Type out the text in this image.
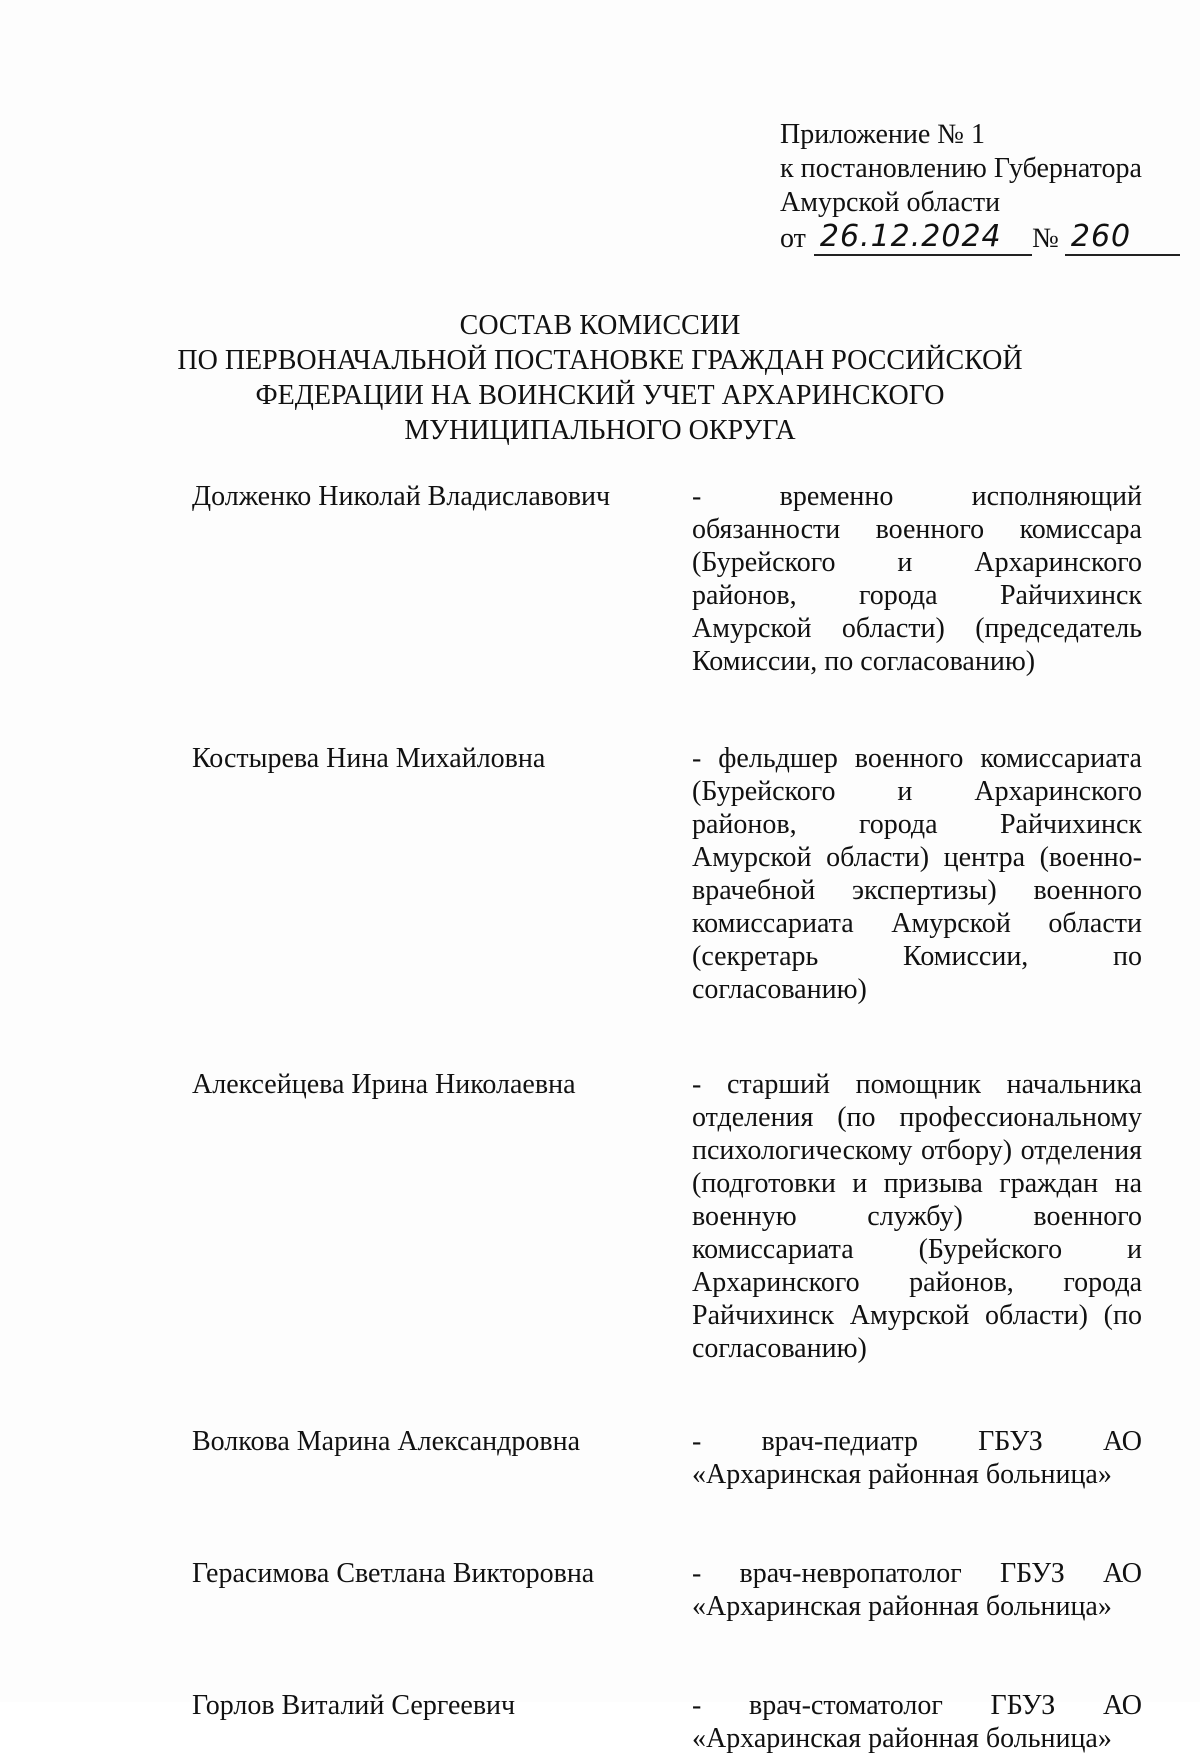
Приложение № 1
к постановлению Губернатора
Амурской области
от 26.12.2024	№ 260
СОСТАВ КОМИССИИ
ПО ПЕРВОНАЧАЛЬНОЙ ПОСТАНОВКЕ ГРАЖДАН РОССИЙСКОЙ
ФЕДЕРАЦИИ НА ВОИНСКИЙ УЧЕТ АРХАРИНСКОГО
МУНИЦИПАЛЬНОГО ОКРУГА
Долженко Николай Владиславович	- временно исполняющий обязанности военного комиссара (Бурейского и Архаринского районов, города Райчихинск Амурской области) (председатель Комиссии, по согласованию)
Костырева Нина Михайловна	- фельдшер военного комиссариата (Бурейского и Архаринского районов, города Райчихинск Амурской области) центра (военно-врачебной экспертизы) военного комиссариата Амурской области (секретарь Комиссии, по согласованию)
Алексейцева Ирина Николаевна	- старший помощник начальника отделения (по профессиональному психологическому отбору) отделения (подготовки и призыва граждан на военную службу) военного комиссариата (Бурейского и Архаринского районов, города Райчихинск Амурской области) (по согласованию)
Волкова Марина Александровна	- врач-педиатр ГБУЗ АО «Архаринская районная больница»
Герасимова Светлана Викторовна	- врач-невропатолог ГБУЗ АО «Архаринская районная больница»
Горлов Виталий Сергеевич	- врач-стоматолог ГБУЗ АО «Архаринская районная больница»
